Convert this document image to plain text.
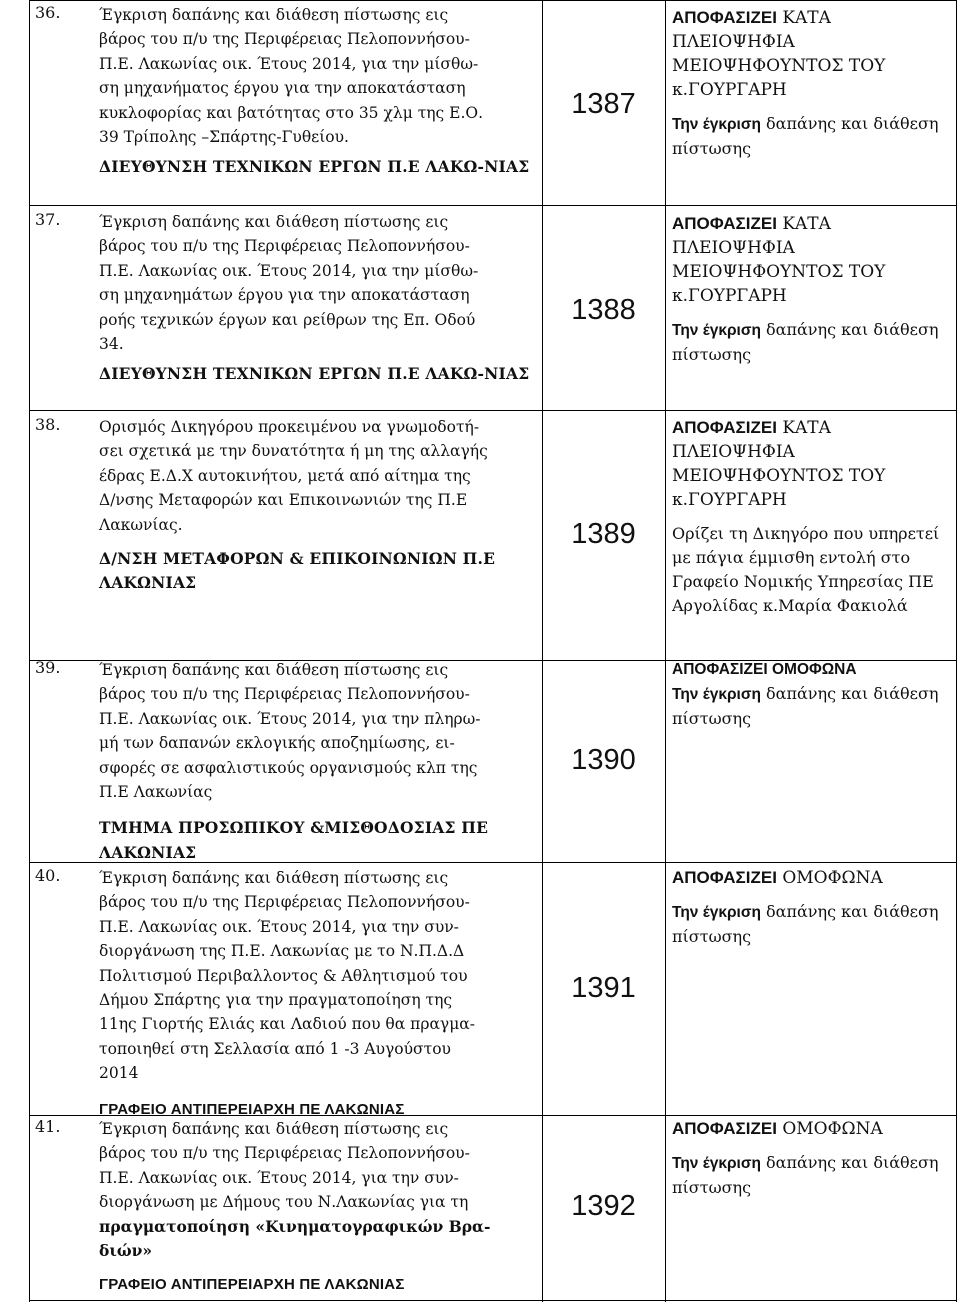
36. Έγκριση δαπάνης και διάθεση πίστωσης εις

βάρος του π/υ της Περιφέρειας Πελοποννήσου-

Π.Ε. Λακωνίας οικ. Έτους 2014, για την μίσθω-

ση μηχανήματος έργου για την αποκατάσταση

κυκλοφορίας και βατότητας στο 35 χλμ της Ε.Ο.

39 Τρίπολης –Σπάρτης-Γυθείου.

ΔΙΕΥΘΥΝΣΗ ΤΕΧΝΙΚΩΝ ΕΡΓΩΝ Π.Ε ΛΑΚΩ-ΝΙΑΣ

1387

ΑΠΟΦΑΣΙΖΕΙ ΚΑΤΑ ΠΛΕΙΟΨΗΦΙΑ ΜΕΙΟΨΗΦΟΥΝΤΟΣ ΤΟΥ κ.ΓΟΥΡΓΑΡΗ

Την έγκριση δαπάνης και διάθεση πίστωσης

37. Έγκριση δαπάνης και διάθεση πίστωσης εις

βάρος του π/υ της Περιφέρειας Πελοποννήσου-

Π.Ε. Λακωνίας οικ. Έτους 2014, για την μίσθω-

ση μηχανημάτων έργου για την αποκατάσταση

ροής τεχνικών έργων και ρείθρων της Επ. Οδού

34.

ΔΙΕΥΘΥΝΣΗ ΤΕΧΝΙΚΩΝ ΕΡΓΩΝ Π.Ε ΛΑΚΩ-ΝΙΑΣ

1388

ΑΠΟΦΑΣΙΖΕΙ ΚΑΤΑ ΠΛΕΙΟΨΗΦΙΑ ΜΕΙΟΨΗΦΟΥΝΤΟΣ ΤΟΥ κ.ΓΟΥΡΓΑΡΗ

Την έγκριση δαπάνης και διάθεση πίστωσης

38. Ορισμός Δικηγόρου προκειμένου να γνωμοδοτή-

σει σχετικά με την δυνατότητα ή μη της αλλαγής

έδρας Ε.Δ.Χ αυτοκινήτου, μετά από αίτημα της

Δ/νσης Μεταφορών και Επικοινωνιών της Π.Ε

Λακωνίας.

Δ/ΝΣΗ ΜΕΤΑΦΟΡΩΝ & ΕΠΙΚΟΙΝΩΝΙΩΝ Π.Ε ΛΑΚΩΝΙΑΣ

1389

ΑΠΟΦΑΣΙΖΕΙ ΚΑΤΑ ΠΛΕΙΟΨΗΦΙΑ ΜΕΙΟΨΗΦΟΥΝΤΟΣ ΤΟΥ κ.ΓΟΥΡΓΑΡΗ

Ορίζει τη Δικηγόρο που υπηρετεί με πάγια έμμισθη εντολή στο Γραφείο Νομικής Υπηρεσίας ΠΕ Αργολίδας κ.Μαρία Φακιολά

39. Έγκριση δαπάνης και διάθεση πίστωσης εις

βάρος του π/υ της Περιφέρειας Πελοποννήσου-

Π.Ε. Λακωνίας οικ. Έτους 2014, για την πληρω-

μή των δαπανών εκλογικής αποζημίωσης, ει-

σφορές σε ασφαλιστικούς οργανισμούς κλπ της

Π.Ε Λακωνίας

ΤΜΗΜΑ ΠΡΟΣΩΠΙΚΟΥ &ΜΙΣΘΟΔΟΣΙΑΣ ΠΕ ΛΑΚΩΝΙΑΣ

1390

ΑΠΟΦΑΣΙΖΕΙ ΟΜΟΦΩΝΑ

Την έγκριση δαπάνης και διάθεση πίστωσης

40. Έγκριση δαπάνης και διάθεση πίστωσης εις

βάρος του π/υ της Περιφέρειας Πελοποννήσου-

Π.Ε. Λακωνίας οικ. Έτους 2014, για την συν-

διοργάνωση της Π.Ε. Λακωνίας με το Ν.Π.Δ.Δ

Πολιτισμού Περιβαλλοντος & Αθλητισμού του

Δήμου Σπάρτης για την πραγματοποίηση της

11ης Γιορτής Ελιάς και Λαδιού που θα πραγμα-

τοποιηθεί στη Σελλασία από 1 -3 Αυγούστου

2014

ΓΡΑΦΕΙΟ ΑΝΤΙΠΕΡΕΙΑΡΧΗ ΠΕ ΛΑΚΩΝΙΑΣ

1391

ΑΠΟΦΑΣΙΖΕΙ ΟΜΟΦΩΝΑ

Την έγκριση δαπάνης και διάθεση πίστωσης

41. Έγκριση δαπάνης και διάθεση πίστωσης εις

βάρος του π/υ της Περιφέρειας Πελοποννήσου-

Π.Ε. Λακωνίας οικ. Έτους 2014, για την συν-

διοργάνωση με Δήμους του Ν.Λακωνίας για τη

πραγματοποίηση «Κινηματογραφικών Βρα-

διών»

ΓΡΑΦΕΙΟ ΑΝΤΙΠΕΡΕΙΑΡΧΗ ΠΕ ΛΑΚΩΝΙΑΣ

1392

ΑΠΟΦΑΣΙΖΕΙ ΟΜΟΦΩΝΑ

Την έγκριση δαπάνης και διάθεση πίστωσης
